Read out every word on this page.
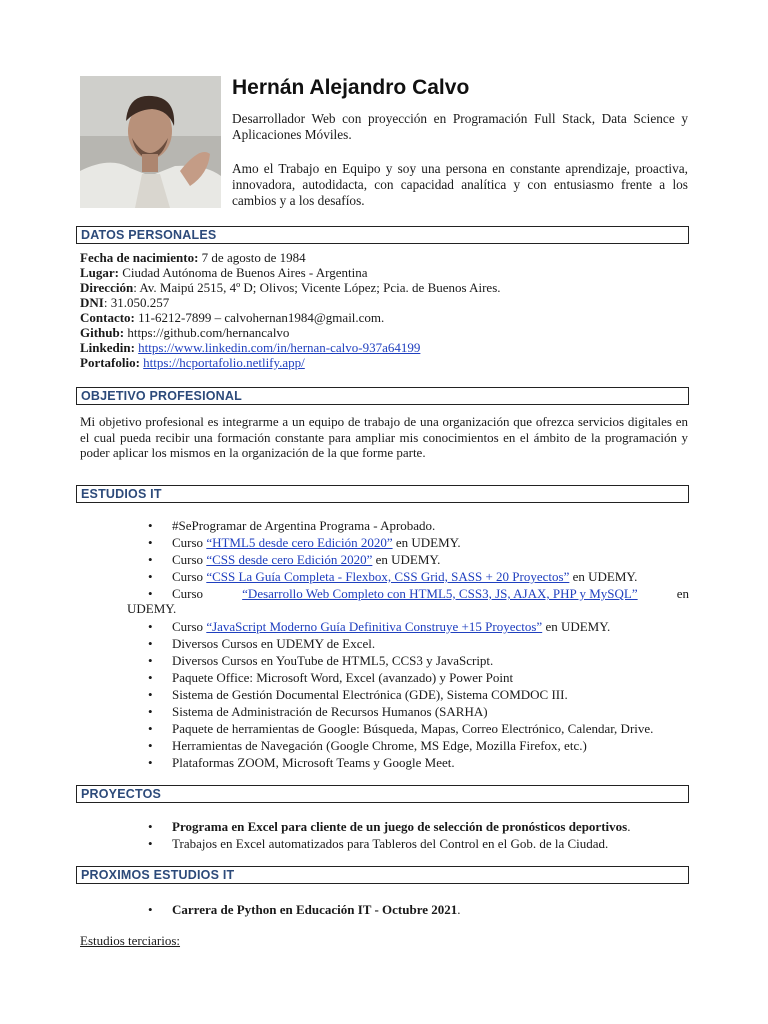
Hernán Alejandro Calvo
Desarrollador Web con proyección en Programación Full Stack, Data Science y Aplicaciones Móviles.
Amo el Trabajo en Equipo y soy una persona en constante aprendizaje, proactiva, innovadora, autodidacta, con capacidad analítica y con entusiasmo frente a los cambios y a los desafíos.
DATOS PERSONALES
Fecha de nacimiento: 7 de agosto de 1984
Lugar: Ciudad Autónoma de Buenos Aires - Argentina
Dirección: Av. Maipú 2515, 4º D; Olivos; Vicente López; Pcia. de Buenos Aires.
DNI: 31.050.257
Contacto: 11-6212-7899 – calvohernan1984@gmail.com.
Github: https://github.com/hernancalvo
Linkedin: https://www.linkedin.com/in/hernan-calvo-937a64199
Portafolio: https://hcportafolio.netlify.app/
OBJETIVO PROFESIONAL
Mi objetivo profesional es integrarme a un equipo de trabajo de una organización que ofrezca servicios digitales en el cual pueda recibir una formación constante para ampliar mis conocimientos en el ámbito de la programación y poder aplicar los mismos en la organización de la que forme parte.
ESTUDIOS IT
•	#SeProgramar de Argentina Programa - Aprobado.
•	Curso “HTML5 desde cero Edición 2020” en UDEMY.
•	Curso “CSS desde cero Edición 2020” en UDEMY.
•	Curso “CSS La Guía Completa - Flexbox, CSS Grid, SASS + 20 Proyectos” en UDEMY.
•	Curso	“Desarrollo Web Completo con HTML5, CSS3, JS, AJAX, PHP y MySQL”	en
UDEMY.
•	Curso “JavaScript Moderno Guía Definitiva Construye +15 Proyectos” en UDEMY.
•	Diversos Cursos en UDEMY de Excel.
•	Diversos Cursos en YouTube de HTML5, CCS3 y JavaScript.
•	Paquete Office: Microsoft Word, Excel (avanzado) y Power Point
•	Sistema de Gestión Documental Electrónica (GDE), Sistema COMDOC III.
•	Sistema de Administración de Recursos Humanos (SARHA)
•	Paquete de herramientas de Google: Búsqueda, Mapas, Correo Electrónico, Calendar, Drive.
•	Herramientas de Navegación (Google Chrome, MS Edge, Mozilla Firefox, etc.)
•	Plataformas ZOOM, Microsoft Teams y Google Meet.
PROYECTOS
•	Programa en Excel para cliente de un juego de selección de pronósticos deportivos.
•	Trabajos en Excel automatizados para Tableros del Control en el Gob. de la Ciudad.
PROXIMOS ESTUDIOS IT
•	Carrera de Python en Educación IT - Octubre 2021.
Estudios terciarios:
